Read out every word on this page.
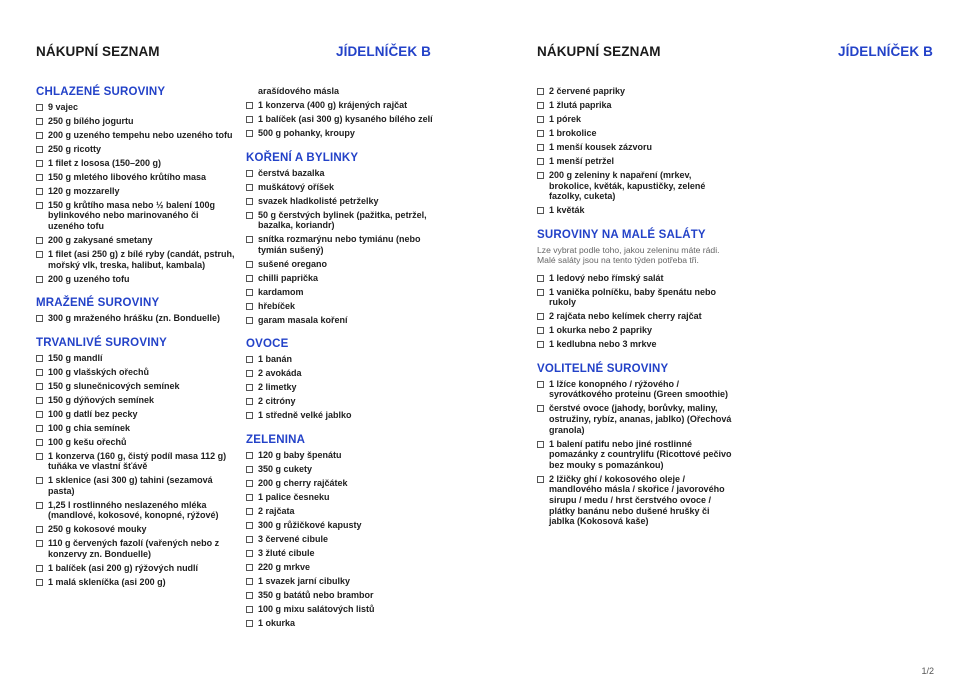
NÁKUPNÍ SEZNAM	JÍDELNÍČEK B	NÁKUPNÍ SEZNAM	JÍDELNÍČEK B
CHLAZENÉ SUROVINY
9 vajec
250 g bílého jogurtu
200 g uzeného tempehu nebo uzeného tofu
250 g ricotty
1 filet z lososa (150–200 g)
150 g mletého libového krůtího masa
120 g mozzarelly
150 g krůtího masa nebo ½ balení 100g bylinkového nebo marinovaného či uzeného tofu
200 g zakysané smetany
1 filet (asi 250 g) z bílé ryby (candát, pstruh, mořský vlk, treska, halibut, kambala)
200 g uzeného tofu
MRAŽENÉ SUROVINY
300 g mraženého hrášku (zn. Bonduelle)
TRVANLIVÉ SUROVINY
150 g mandlí
100 g vlašských ořechů
150 g slunečnicových semínek
150 g dýňových semínek
100 g datlí bez pecky
100 g chia semínek
100 g kešu ořechů
1 konzerva (160 g, čistý podíl masa 112 g) tuňáka ve vlastní šťávě
1 sklenice (asi 300 g) tahini (sezamová pasta)
1,25 l rostlinného neslazeného mléka (mandlové, kokosové, konopné, rýžové)
250 g kokosové mouky
110 g červených fazolí (vařených nebo z konzervy zn. Bonduelle)
1 balíček (asi 200 g) rýžových nudlí
1 malá skleníčka (asi 200 g)
arašídového másla
1 konzerva (400 g) krájených rajčat
1 balíček (asi 300 g) kysaného bílého zelí
500 g pohanky, kroupy
KOŘENÍ A BYLINKY
čerstvá bazalka
muškátový oříšek
svazek hladkolisté petrželky
50 g čerstvých bylinek (pažitka, petržel, bazalka, koriandr)
snítka rozmarýnu nebo tymiánu (nebo tymián sušený)
sušené oregano
chilli paprička
kardamom
hřebíček
garam masala koření
OVOCE
1 banán
2 avokáda
2 limetky
2 citróny
1 středně velké jablko
ZELENINA
120 g baby špenátu
350 g cukety
200 g cherry rajčátek
1 palice česneku
2 rajčata
300 g růžičkové kapusty
3 červené cibule
3 žluté cibule
220 g mrkve
1 svazek jarní cibulky
350 g batátů nebo brambor
100 g mixu salátových listů
1 okurka
2 červené papriky
1 žlutá paprika
1 pórek
1 brokolice
1 menší kousek zázvoru
1 menší petržel
200 g zeleniny k napaření (mrkev, brokolice, květák, kapustičky, zelené fazolky, cuketa)
1 květák
SUROVINY NA MALÉ SALÁTY
Lze vybrat podle toho, jakou zeleninu máte rádi. Malé saláty jsou na tento týden potřeba tři.
1 ledový nebo římský salát
1 vanička polníčku, baby špenátu nebo rukoly
2 rajčata nebo kelímek cherry rajčat
1 okurka nebo 2 papriky
1 kedlubna nebo 3 mrkve
VOLITELNÉ SUROVINY
1 lžíce konopného / rýžového / syrovátkového proteinu (Green smoothie)
čerstvé ovoce (jahody, borůvky, maliny, ostružiny, rybíz, ananas, jablko) (Ořechová granola)
1 balení patifu nebo jiné rostlinné pomazánky z countrylifu (Ricottové pečivo bez mouky s pomazánkou)
2 lžičky ghí / kokosového oleje / mandlového másla / skořice / javorového sirupu / medu / hrst čerstvého ovoce / plátky banánu nebo dušené hrušky či jablka (Kokosová kaše)
1/2
